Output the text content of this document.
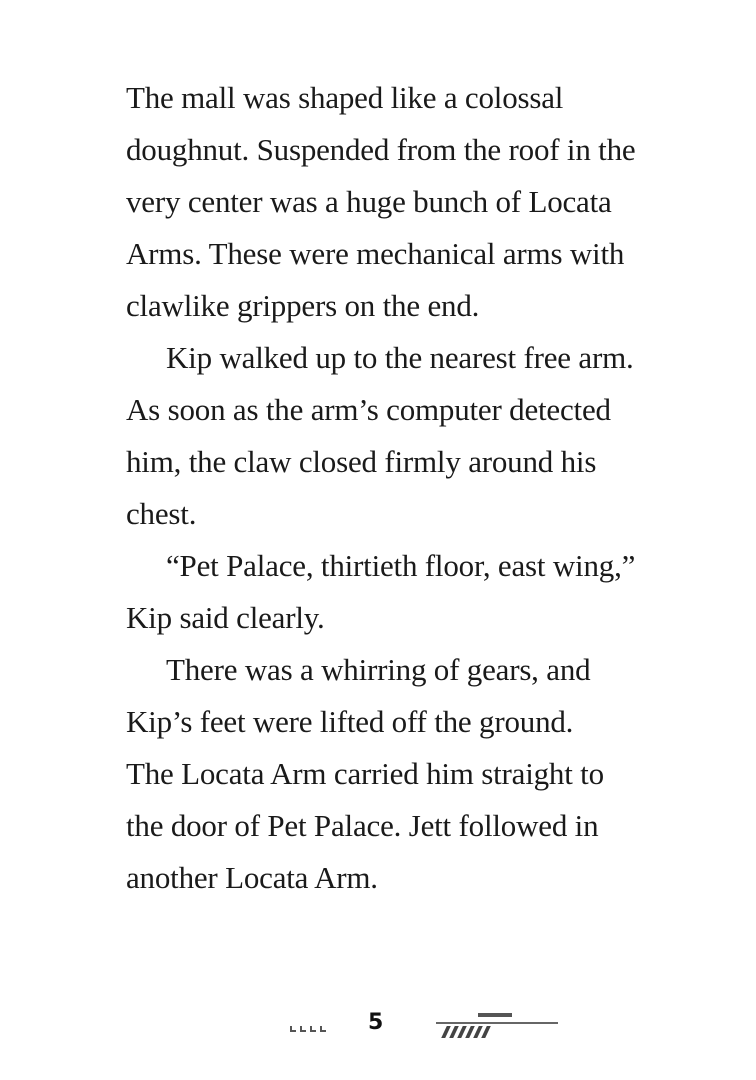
The mall was shaped like a colossal
doughnut. Suspended from the roof in the
very center was a huge bunch of Locata
Arms. These were mechanical arms with
clawlike grippers on the end.
Kip walked up to the nearest free arm.
As soon as the arm’s computer detected
him, the claw closed firmly around his
chest.
“Pet Palace, thirtieth floor, east wing,”
Kip said clearly.
There was a whirring of gears, and
Kip’s feet were lifted off the ground.
The Locata Arm carried him straight to
the door of Pet Palace. Jett followed in
another Locata Arm.
5
